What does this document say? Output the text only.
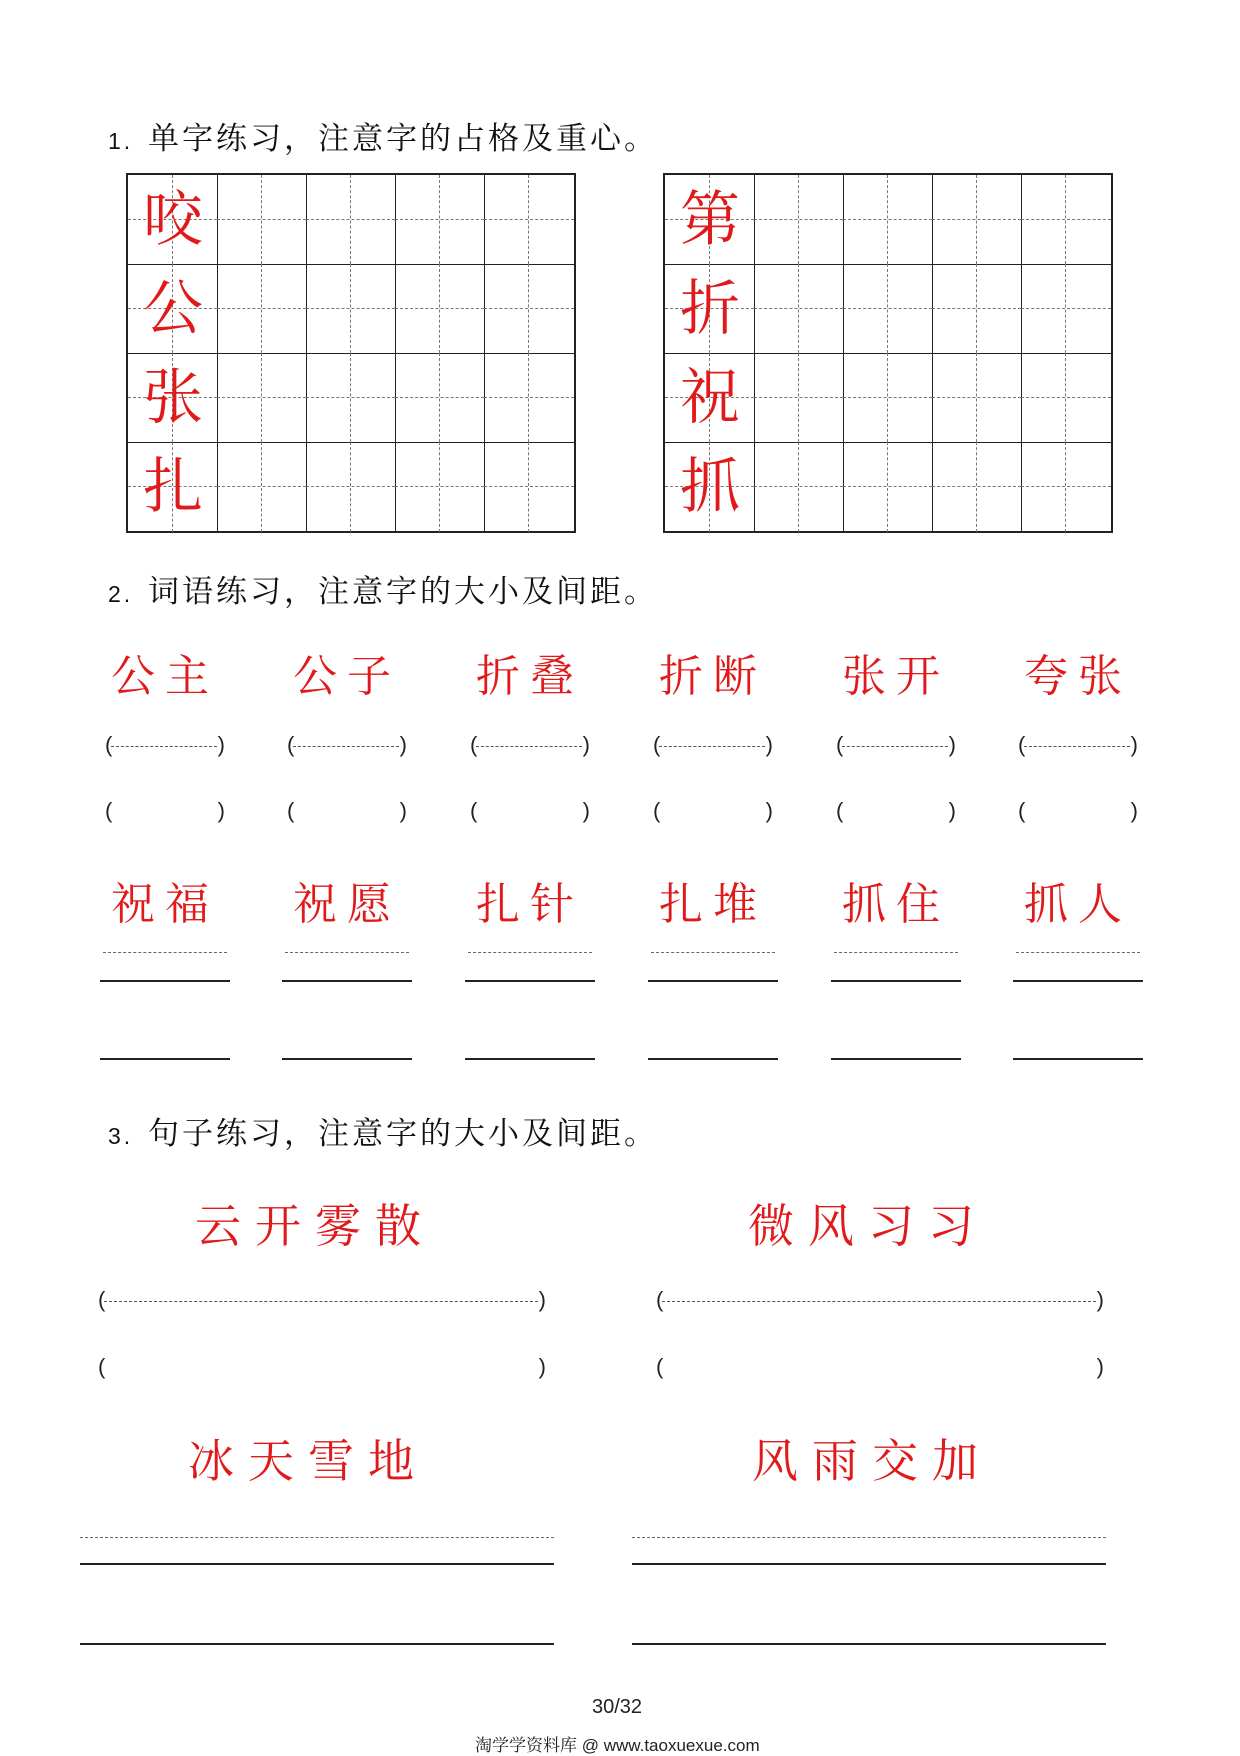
1. 单字练习，注意字的占格及重心。
咬
公
张
扎
第
折
祝
抓
2. 词语练习，注意字的大小及间距。
公主
(	)
(	)
公子
(	)
(	)
折叠
(	)
(	)
折断
(	)
(	)
张开
(	)
(	)
夸张
(	)
(	)
祝福	祝愿	扎针	扎堆	抓住	抓人
3. 句子练习，注意字的大小及间距。
云开雾散	微风习习
(	)
(	)
(	)
(	)
冰天雪地	风雨交加
30/32
淘学学资料库 @ www.taoxuexue.com
